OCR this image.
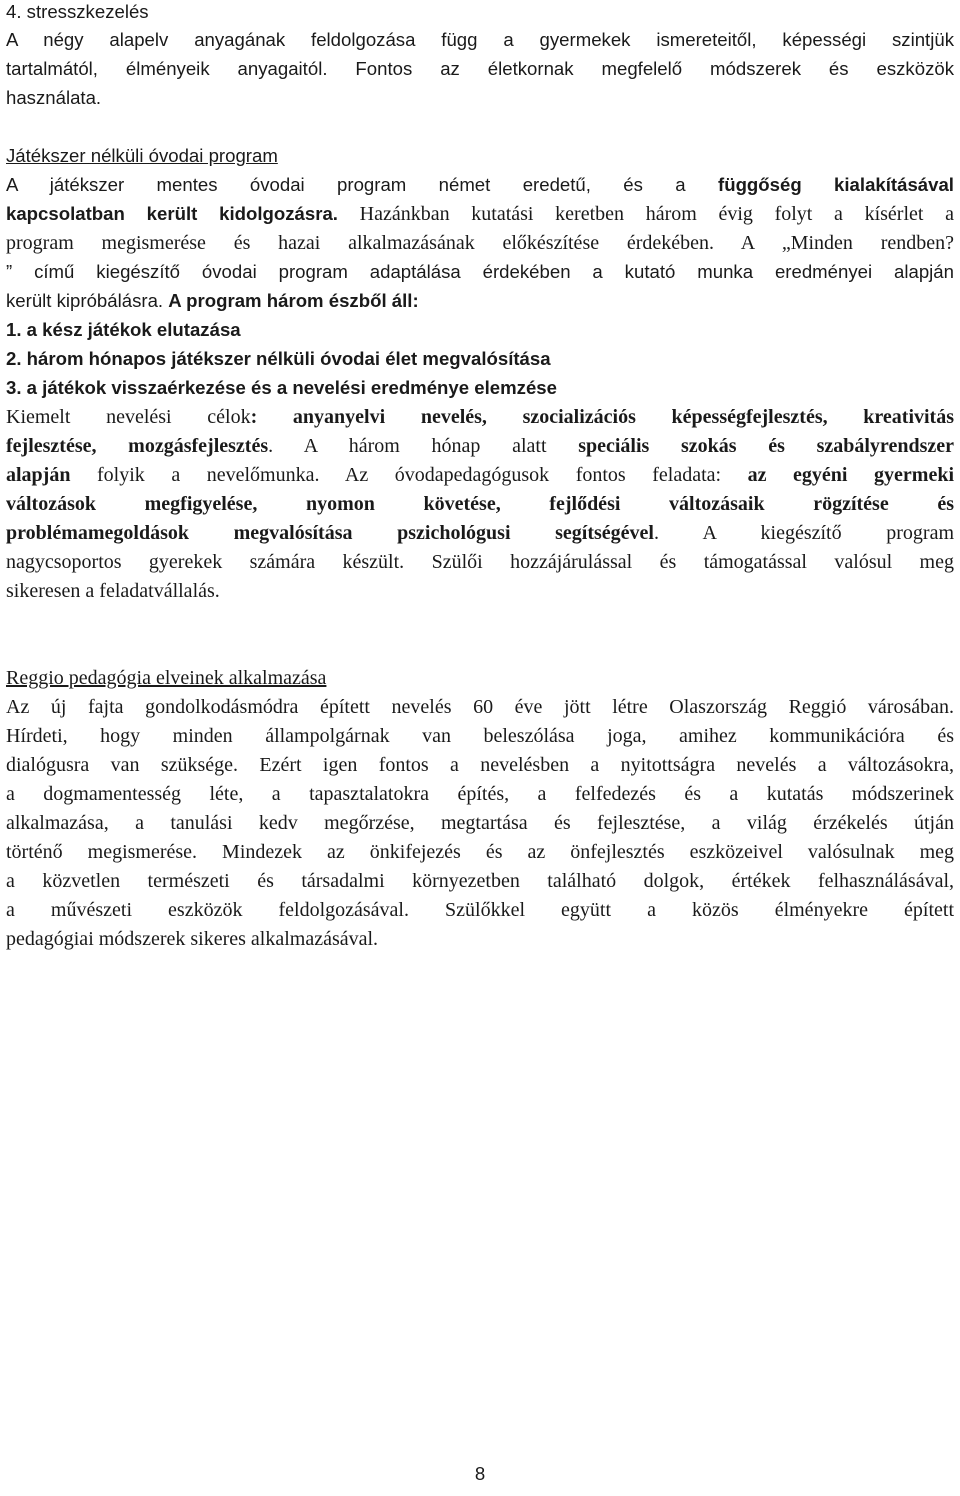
4. stresszkezelés
A négy alapelv anyagának feldolgozása függ a gyermekek ismereteitől, képességi szintjük
tartalmától, élményeik anyagaitól. Fontos az életkornak megfelelő módszerek és eszközök
használata.
Játékszer nélküli óvodai program
A játékszer mentes óvodai program német eredetű, és a függőség kialakításával
kapcsolatban került kidolgozásra. Hazánkban kutatási keretben három évig folyt a kísérlet a
program megismerése és hazai alkalmazásának előkészítése érdekében. A „Minden rendben?
” című kiegészítő óvodai program adaptálása érdekében a kutató munka eredményei alapján
került kipróbálásra. A program három észből áll:
1. a kész játékok elutazása
2. három hónapos játékszer nélküli óvodai élet megvalósítása
3. a játékok visszaérkezése és a nevelési eredménye elemzése
Kiemelt nevelési célok: anyanyelvi nevelés, szocializációs képességfejlesztés, kreativitás
fejlesztése, mozgásfejlesztés. A három hónap alatt speciális szokás és szabályrendszer
alapján folyik a nevelőmunka. Az óvodapedagógusok fontos feladata: az egyéni gyermeki
változások megfigyelése, nyomon követése, fejlődési változásaik rögzítése és
problémamegoldások megvalósítása pszichológusi segítségével. A kiegészítő program
nagycsoportos gyerekek számára készült. Szülői hozzájárulással és támogatással valósul meg
sikeresen a feladatvállalás.
Reggio pedagógia elveinek alkalmazása
Az új fajta gondolkodásmódra épített nevelés 60 éve jött létre Olaszország Reggió városában.
Hírdeti, hogy minden állampolgárnak van beleszólása joga, amihez kommunikációra és
dialógusra van szüksége. Ezért igen fontos a nevelésben a nyitottságra nevelés a változásokra,
a dogmamentesség léte, a tapasztalatokra építés, a felfedezés és a kutatás módszerinek
alkalmazása, a tanulási kedv megőrzése, megtartása és fejlesztése, a világ érzékelés útján
történő megismerése. Mindezek az önkifejezés és az önfejlesztés eszközeivel valósulnak meg
a közvetlen természeti és társadalmi környezetben található dolgok, értékek felhasználásával,
a művészeti eszközök feldolgozásával. Szülőkkel együtt a közös élményekre épített
pedagógiai módszerek sikeres alkalmazásával.
8
